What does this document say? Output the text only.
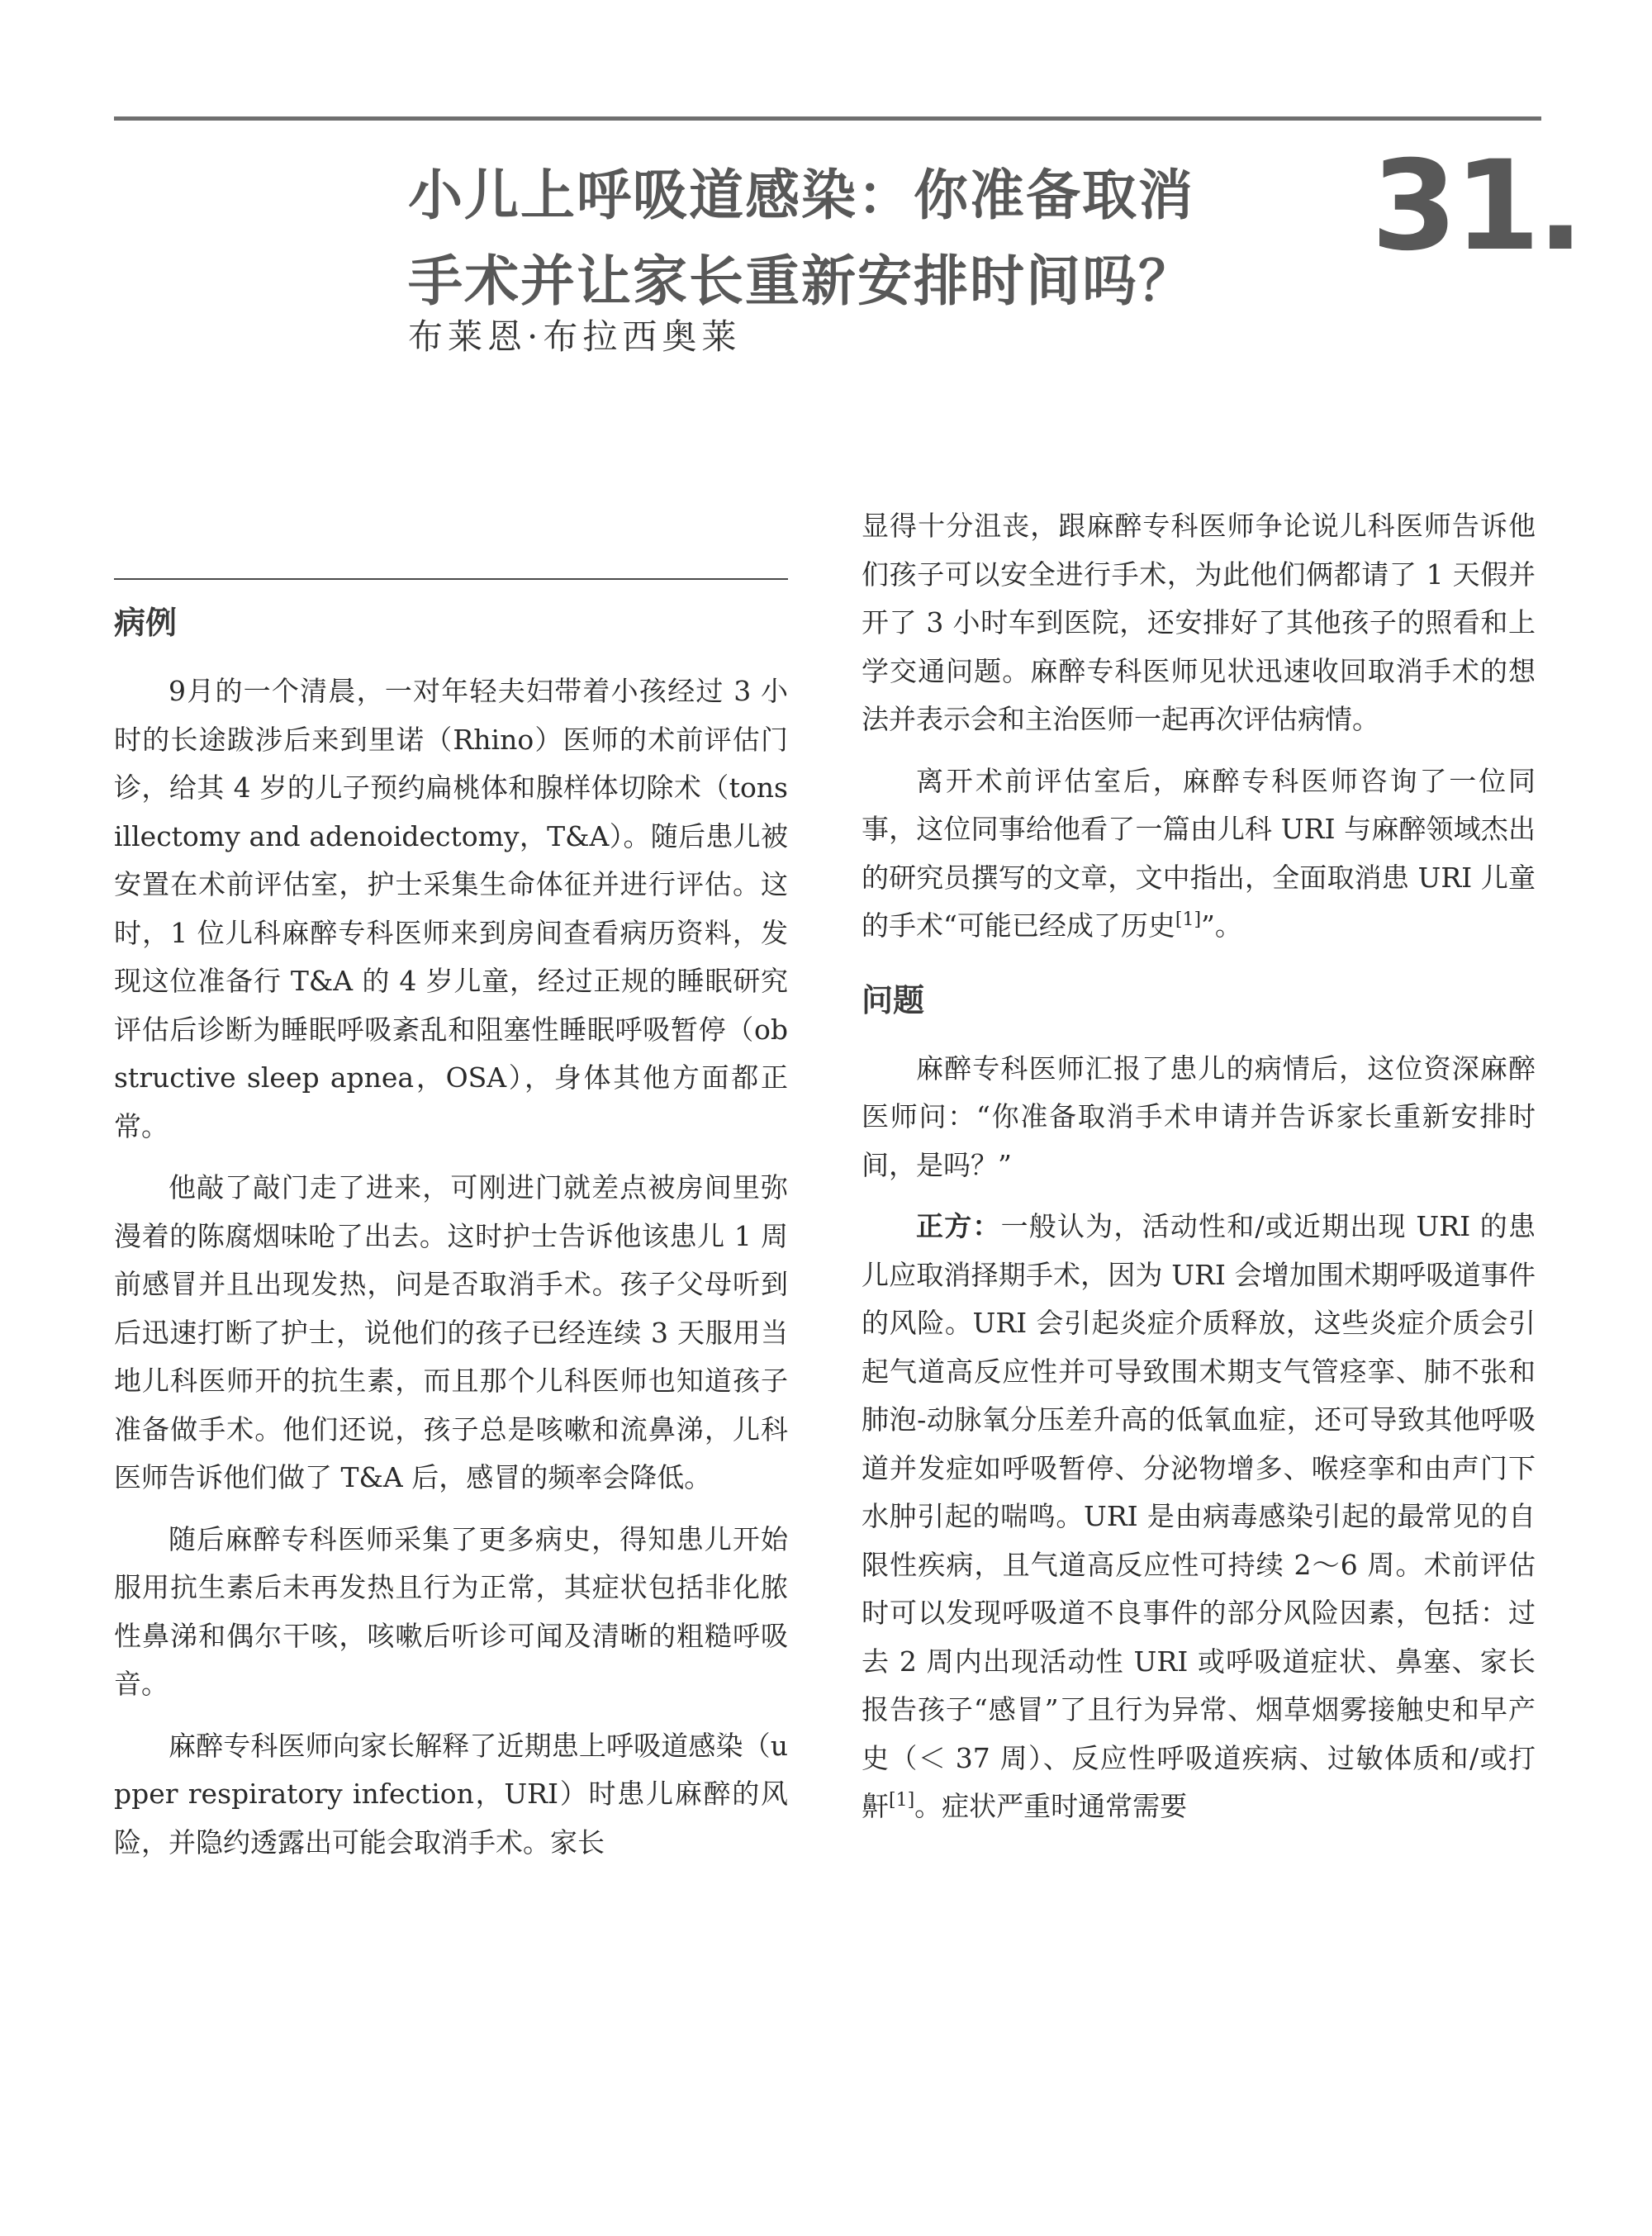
小儿上呼吸道感染：你准备取消
手术并让家长重新安排时间吗？
31.
布莱恩·布拉西奥莱
病例

9月的一个清晨，一对年轻夫妇带着小孩经过 3 小时的长途跋涉后来到里诺（Rhino）医师的术前评估门诊，给其 4 岁的儿子预约扁桃体和腺样体切除术（tonsillectomy and adenoidectomy，T&A）。随后患儿被安置在术前评估室，护士采集生命体征并进行评估。这时，1 位儿科麻醉专科医师来到房间查看病历资料，发现这位准备行 T&A 的 4 岁儿童，经过正规的睡眠研究评估后诊断为睡眠呼吸紊乱和阻塞性睡眠呼吸暂停（obstructive sleep apnea，OSA），身体其他方面都正常。

他敲了敲门走了进来，可刚进门就差点被房间里弥漫着的陈腐烟味呛了出去。这时护士告诉他该患儿 1 周前感冒并且出现发热，问是否取消手术。孩子父母听到后迅速打断了护士，说他们的孩子已经连续 3 天服用当地儿科医师开的抗生素，而且那个儿科医师也知道孩子准备做手术。他们还说，孩子总是咳嗽和流鼻涕，儿科医师告诉他们做了 T&A 后，感冒的频率会降低。

随后麻醉专科医师采集了更多病史，得知患儿开始服用抗生素后未再发热且行为正常，其症状包括非化脓性鼻涕和偶尔干咳，咳嗽后听诊可闻及清晰的粗糙呼吸音。

麻醉专科医师向家长解释了近期患上呼吸道感染（upper respiratory infection，URI）时患儿麻醉的风险，并隐约透露出可能会取消手术。家长

显得十分沮丧，跟麻醉专科医师争论说儿科医师告诉他们孩子可以安全进行手术，为此他们俩都请了 1 天假并开了 3 小时车到医院，还安排好了其他孩子的照看和上学交通问题。麻醉专科医师见状迅速收回取消手术的想法并表示会和主治医师一起再次评估病情。

离开术前评估室后，麻醉专科医师咨询了一位同事，这位同事给他看了一篇由儿科 URI 与麻醉领域杰出的研究员撰写的文章，文中指出，全面取消患 URI 儿童的手术“可能已经成了历史[1]”。

问题

麻醉专科医师汇报了患儿的病情后，这位资深麻醉医师问：“你准备取消手术申请并告诉家长重新安排时间，是吗？”

正方：一般认为，活动性和/或近期出现 URI 的患儿应取消择期手术，因为 URI 会增加围术期呼吸道事件的风险。URI 会引起炎症介质释放，这些炎症介质会引起气道高反应性并可导致围术期支气管痉挛、肺不张和肺泡-动脉氧分压差升高的低氧血症，还可导致其他呼吸道并发症如呼吸暂停、分泌物增多、喉痉挛和由声门下水肿引起的喘鸣。URI 是由病毒感染引起的最常见的自限性疾病，且气道高反应性可持续 2～6 周。术前评估时可以发现呼吸道不良事件的部分风险因素，包括：过去 2 周内出现活动性 URI 或呼吸道症状、鼻塞、家长报告孩子“感冒”了且行为异常、烟草烟雾接触史和早产史（＜ 37 周）、反应性呼吸道疾病、过敏体质和/或打鼾[1]。症状严重时通常需要
